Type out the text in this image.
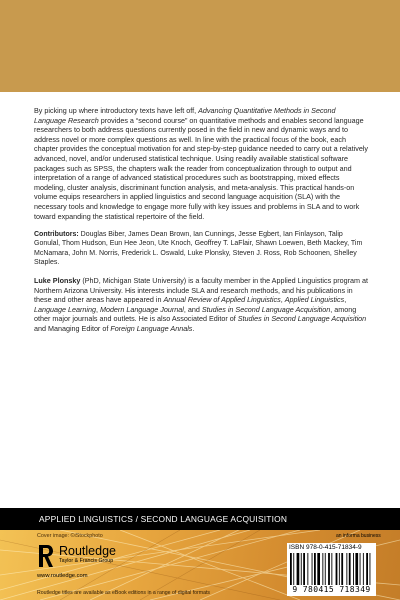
By picking up where introductory texts have left off, Advancing Quantitative Methods in Second Language Research provides a “second course” on quantitative methods and enables second language researchers to both address questions currently posed in the field in new and dynamic ways and to address novel or more complex questions as well. In line with the practical focus of the book, each chapter provides the conceptual motivation for and step-by-step guidance needed to carry out a relatively advanced, novel, and/or underused statistical technique. Using readily available statistical software packages such as SPSS, the chapters walk the reader from conceptualization through to output and interpretation of a range of advanced statistical procedures such as bootstrapping, mixed effects modeling, cluster analysis, discriminant function analysis, and meta-analysis. This practical hands-on volume equips researchers in applied linguistics and second language acquisition (SLA) with the necessary tools and knowledge to engage more fully with key issues and problems in SLA and to work toward expanding the statistical repertoire of the field.

Contributors: Douglas Biber, James Dean Brown, Ian Cunnings, Jesse Egbert, Ian Finlayson, Talip Gonulal, Thom Hudson, Eun Hee Jeon, Ute Knoch, Geoffrey T. LaFlair, Shawn Loewen, Beth Mackey, Tim McNamara, John M. Norris, Frederick L. Oswald, Luke Plonsky, Steven J. Ross, Rob Schoonen, Shelley Staples.

Luke Plonsky (PhD, Michigan State University) is a faculty member in the Applied Linguistics program at Northern Arizona University. His interests include SLA and research methods, and his publications in these and other areas have appeared in Annual Review of Applied Linguistics, Applied Linguistics, Language Learning, Modern Language Journal, and Studies in Second Language Acquisition, among other major journals and outlets. He is also Associated Editor of Studies in Second Language Acquisition and Managing Editor of Foreign Language Annals.

APPLIED LINGUISTICS / SECOND LANGUAGE ACQUISITION
Cover image: ©iStockphoto
Routledge
Taylor & Francis Group
www.routledge.com
Routledge titles are available as eBook editions in a range of digital formats
an informa business
ISBN 978-0-415-71834-9
9 780415 718349
